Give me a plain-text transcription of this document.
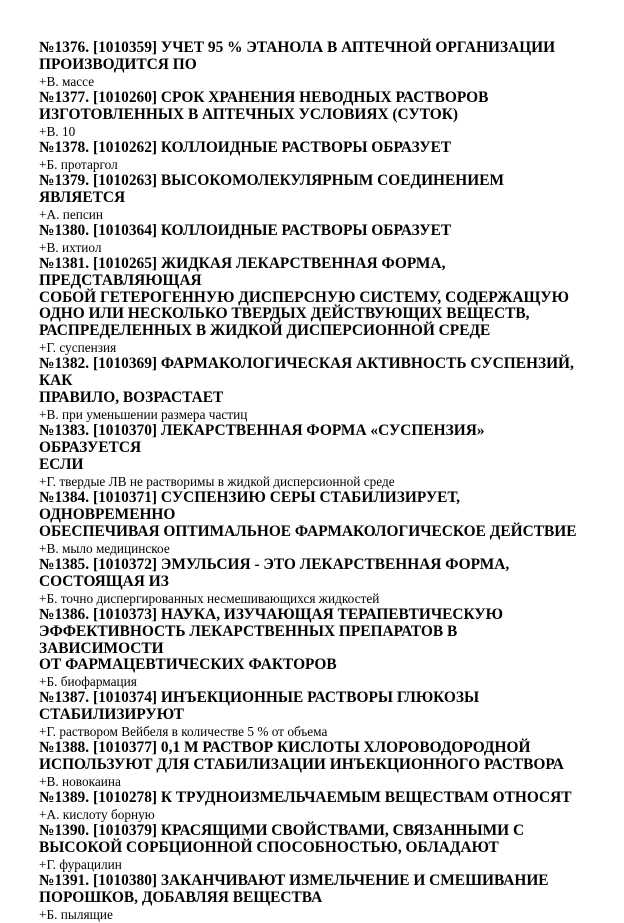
№1376. [1010359] УЧЕТ 95 % ЭТАНОЛА В АПТЕЧНОЙ ОРГАНИЗАЦИИ
ПРОИЗВОДИТСЯ ПО
+В. массе
№1377. [1010260] СРОК ХРАНЕНИЯ НЕВОДНЫХ РАСТВОРОВ
ИЗГОТОВЛЕННЫХ В АПТЕЧНЫХ УСЛОВИЯХ (СУТОК)
+В. 10
№1378. [1010262] КОЛЛОИДНЫЕ РАСТВОРЫ ОБРАЗУЕТ
+Б. протаргол
№1379. [1010263] ВЫСОКОМОЛЕКУЛЯРНЫМ СОЕДИНЕНИЕМ ЯВЛЯЕТСЯ
+А. пепсин
№1380. [1010364] КОЛЛОИДНЫЕ РАСТВОРЫ ОБРАЗУЕТ
+В. ихтиол
№1381. [1010265] ЖИДКАЯ ЛЕКАРСТВЕННАЯ ФОРМА, ПРЕДСТАВЛЯЮЩАЯ
СОБОЙ ГЕТЕРОГЕННУЮ ДИСПЕРСНУЮ СИСТЕМУ, СОДЕРЖАЩУЮ
ОДНО ИЛИ НЕСКОЛЬКО ТВЕРДЫХ ДЕЙСТВУЮЩИХ ВЕЩЕСТВ,
РАСПРЕДЕЛЕННЫХ В ЖИДКОЙ ДИСПЕРСИОННОЙ СРЕДЕ
+Г. суспензия
№1382. [1010369] ФАРМАКОЛОГИЧЕСКАЯ АКТИВНОСТЬ СУСПЕНЗИЙ, КАК
ПРАВИЛО, ВОЗРАСТАЕТ
+В. при уменьшении размера частиц
№1383. [1010370] ЛЕКАРСТВЕННАЯ ФОРМА «СУСПЕНЗИЯ» ОБРАЗУЕТСЯ
ЕСЛИ
+Г. твердые ЛВ не растворимы в жидкой дисперсионной среде
№1384. [1010371] СУСПЕНЗИЮ СЕРЫ СТАБИЛИЗИРУЕТ, ОДНОВРЕМЕННО
ОБЕСПЕЧИВАЯ ОПТИМАЛЬНОЕ ФАРМАКОЛОГИЧЕСКОЕ ДЕЙСТВИЕ
+В. мыло медицинское
№1385. [1010372] ЭМУЛЬСИЯ - ЭТО ЛЕКАРСТВЕННАЯ ФОРМА,
СОСТОЯЩАЯ ИЗ
+Б. точно диспергированных несмешивающихся жидкостей
№1386. [1010373] НАУКА, ИЗУЧАЮЩАЯ ТЕРАПЕВТИЧЕСКУЮ
ЭФФЕКТИВНОСТЬ ЛЕКАРСТВЕННЫХ ПРЕПАРАТОВ В ЗАВИСИМОСТИ
ОТ ФАРМАЦЕВТИЧЕСКИХ ФАКТОРОВ
+Б. биофармация
№1387. [1010374] ИНЪЕКЦИОННЫЕ РАСТВОРЫ ГЛЮКОЗЫ
СТАБИЛИЗИРУЮТ
+Г. раствором Вейбеля в количестве 5 % от объема
№1388. [1010377] 0,1 М РАСТВОР КИСЛОТЫ ХЛОРОВОДОРОДНОЙ
ИСПОЛЬЗУЮТ ДЛЯ СТАБИЛИЗАЦИИ ИНЪЕКЦИОННОГО РАСТВОРА
+В. новокаина
№1389. [1010278] К ТРУДНОИЗМЕЛЬЧАЕМЫМ ВЕЩЕСТВАМ ОТНОСЯТ
+А. кислоту борную
№1390. [1010379] КРАСЯЩИМИ СВОЙСТВАМИ, СВЯЗАННЫМИ С
ВЫСОКОЙ СОРБЦИОННОЙ СПОСОБНОСТЬЮ, ОБЛАДАЮТ
+Г. фурацилин
№1391. [1010380] ЗАКАНЧИВАЮТ ИЗМЕЛЬЧЕНИЕ И СМЕШИВАНИЕ
ПОРОШКОВ, ДОБАВЛЯЯ ВЕЩЕСТВА
+Б. пылящие
